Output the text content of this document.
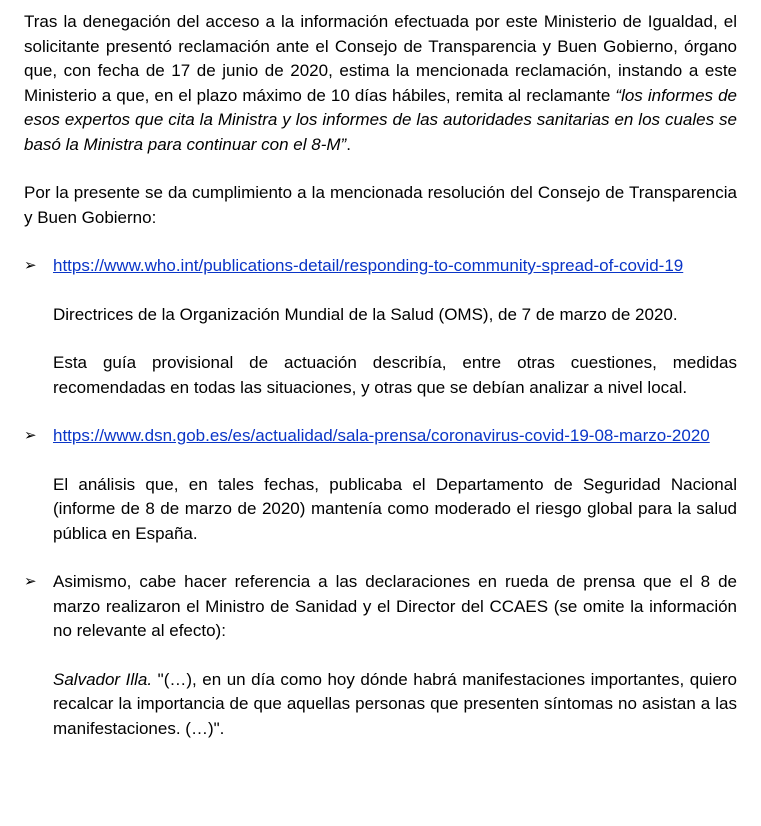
Tras la denegación del acceso a la información efectuada por este Ministerio de Igualdad, el solicitante presentó reclamación ante el Consejo de Transparencia y Buen Gobierno, órgano que, con fecha de 17 de junio de 2020, estima la mencionada reclamación, instando a este Ministerio a que, en el plazo máximo de 10 días hábiles, remita al reclamante “los informes de esos expertos que cita la Ministra y los informes de las autoridades sanitarias en los cuales se basó la Ministra para continuar con el 8-M”.

Por la presente se da cumplimiento a la mencionada resolución del Consejo de Transparencia y Buen Gobierno:

➢ https://www.who.int/publications-detail/responding-to-community-spread-of-covid-19

Directrices de la Organización Mundial de la Salud (OMS), de 7 de marzo de 2020.

Esta guía provisional de actuación describía, entre otras cuestiones, medidas recomendadas en todas las situaciones, y otras que se debían analizar a nivel local.

➢ https://www.dsn.gob.es/es/actualidad/sala-prensa/coronavirus-covid-19-08-marzo-2020

El análisis que, en tales fechas, publicaba el Departamento de Seguridad Nacional (informe de 8 de marzo de 2020) mantenía como moderado el riesgo global para la salud pública en España.

➢ Asimismo, cabe hacer referencia a las declaraciones en rueda de prensa que el 8 de marzo realizaron el Ministro de Sanidad y el Director del CCAES (se omite la información no relevante al efecto):

Salvador Illa. "(…), en un día como hoy dónde habrá manifestaciones importantes, quiero recalcar la importancia de que aquellas personas que presenten síntomas no asistan a las manifestaciones. (…)".
